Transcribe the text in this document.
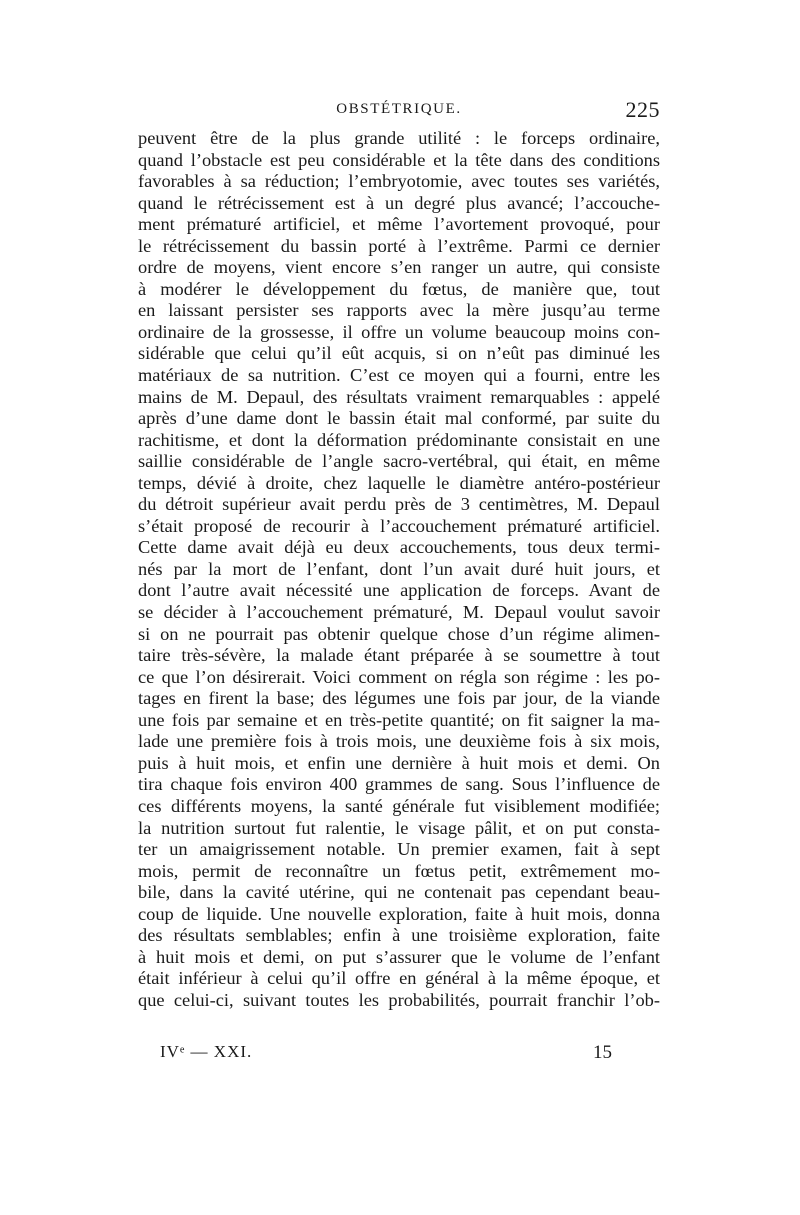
OBSTÉTRIQUE.	225
peuvent être de la plus grande utilité : le forceps ordinaire,
quand l’obstacle est peu considérable et la tête dans des conditions
favorables à sa réduction; l’embryotomie, avec toutes ses variétés,
quand le rétrécissement est à un degré plus avancé; l’accouche-
ment prématuré artificiel, et même l’avortement provoqué, pour
le rétrécissement du bassin porté à l’extrême. Parmi ce dernier
ordre de moyens, vient encore s’en ranger un autre, qui consiste
à modérer le développement du fœtus, de manière que, tout
en laissant persister ses rapports avec la mère jusqu’au terme
ordinaire de la grossesse, il offre un volume beaucoup moins con-
sidérable que celui qu’il eût acquis, si on n’eût pas diminué les
matériaux de sa nutrition. C’est ce moyen qui a fourni, entre les
mains de M. Depaul, des résultats vraiment remarquables : appelé
après d’une dame dont le bassin était mal conformé, par suite du
rachitisme, et dont la déformation prédominante consistait en une
saillie considérable de l’angle sacro-vertébral, qui était, en même
temps, dévié à droite, chez laquelle le diamètre antéro-postérieur
du détroit supérieur avait perdu près de 3 centimètres, M. Depaul
s’était proposé de recourir à l’accouchement prématuré artificiel.
Cette dame avait déjà eu deux accouchements, tous deux termi-
nés par la mort de l’enfant, dont l’un avait duré huit jours, et
dont l’autre avait nécessité une application de forceps. Avant de
se décider à l’accouchement prématuré, M. Depaul voulut savoir
si on ne pourrait pas obtenir quelque chose d’un régime alimen-
taire très-sévère, la malade étant préparée à se soumettre à tout
ce que l’on désirerait. Voici comment on régla son régime : les po-
tages en firent la base; des légumes une fois par jour, de la viande
une fois par semaine et en très-petite quantité; on fit saigner la ma-
lade une première fois à trois mois, une deuxième fois à six mois,
puis à huit mois, et enfin une dernière à huit mois et demi. On
tira chaque fois environ 400 grammes de sang. Sous l’influence de
ces différents moyens, la santé générale fut visiblement modifiée;
la nutrition surtout fut ralentie, le visage pâlit, et on put consta-
ter un amaigrissement notable. Un premier examen, fait à sept
mois, permit de reconnaître un fœtus petit, extrêmement mo-
bile, dans la cavité utérine, qui ne contenait pas cependant beau-
coup de liquide. Une nouvelle exploration, faite à huit mois, donna
des résultats semblables; enfin à une troisième exploration, faite
à huit mois et demi, on put s’assurer que le volume de l’enfant
était inférieur à celui qu’il offre en général à la même époque, et
que celui-ci, suivant toutes les probabilités, pourrait franchir l’ob-
IVᵉ — XXI.	15
